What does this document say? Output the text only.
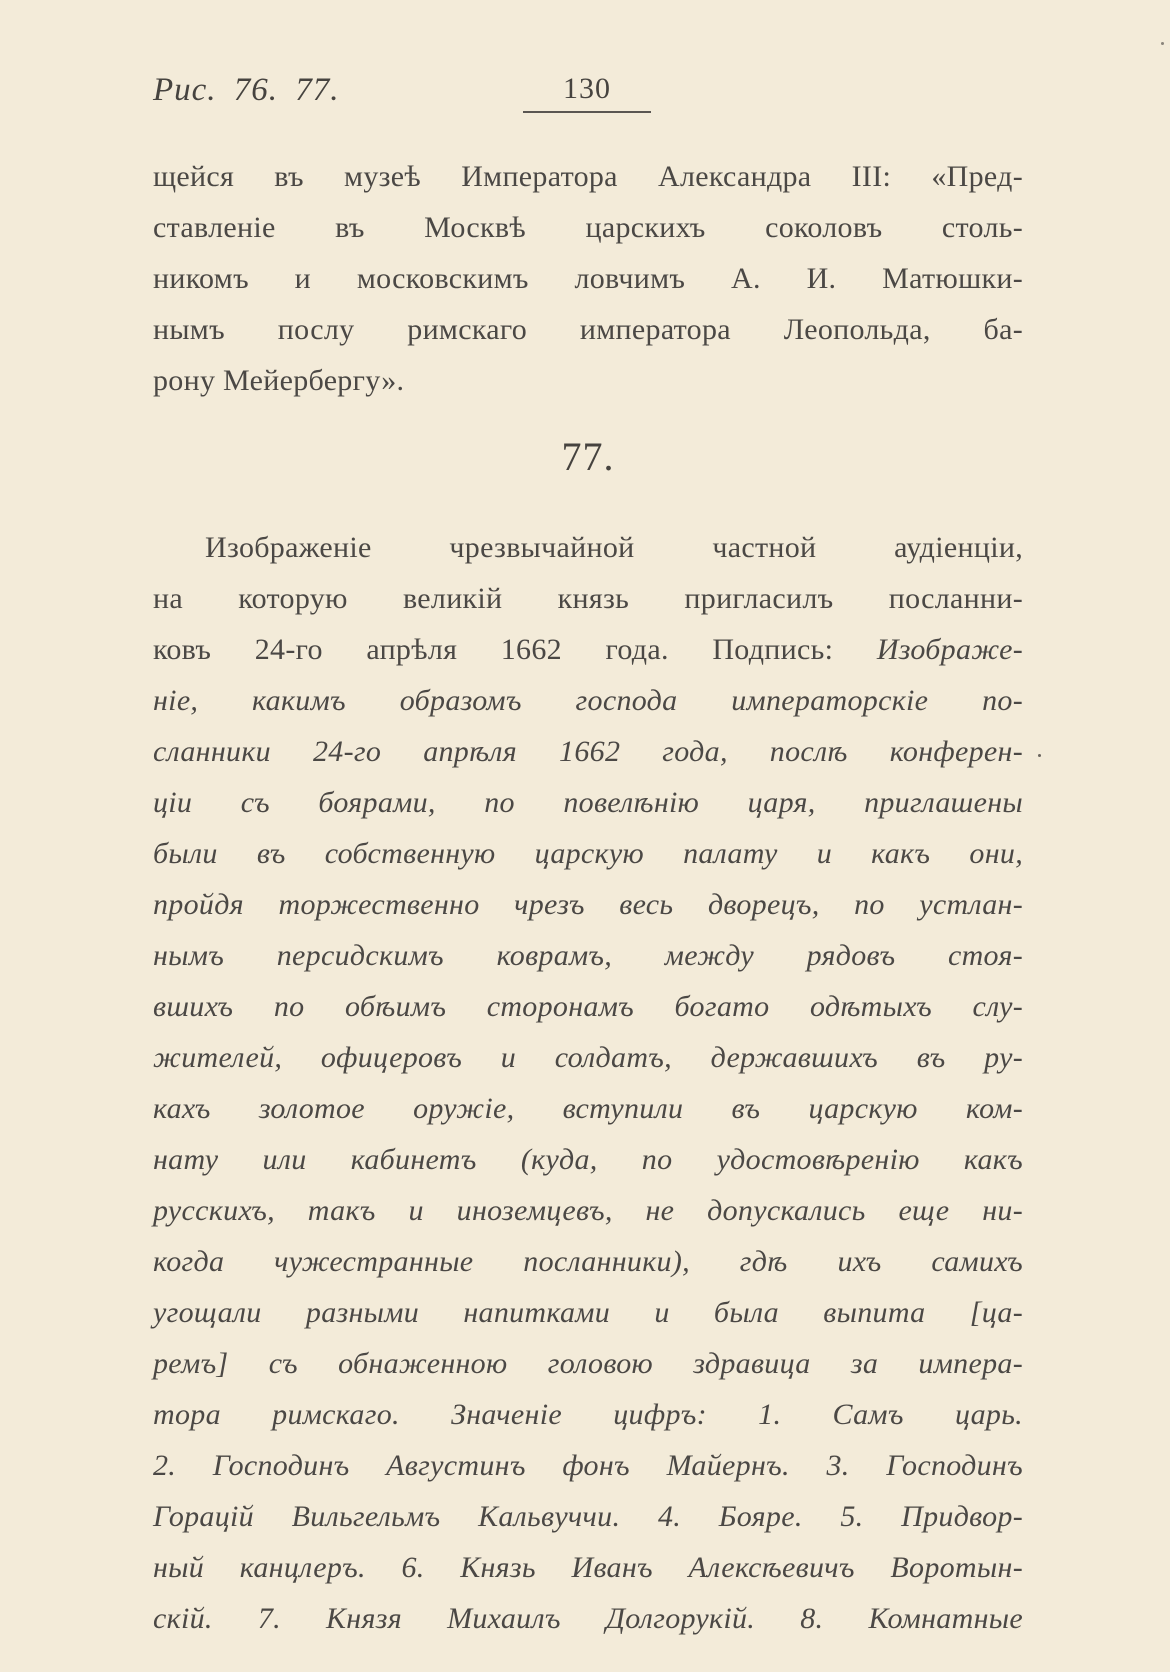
Рис. 76. 77.	130
щейся въ музеѣ Императора Александра III: «Пред-
ставленіе въ Москвѣ царскихъ соколовъ столь-
никомъ и московскимъ ловчимъ А. И. Матюшки-
нымъ послу римскаго императора Леопольда, ба-
рону Мейербергу».
77.
Изображеніе чрезвычайной частной аудіенціи,
на которую великій князь пригласилъ посланни-
ковъ 24-го апрѣля 1662 года. Подпись: Изображе-
ніе, какимъ образомъ господа императорскіе по-
сланники 24-го апрѣля 1662 года, послѣ конферен-
ціи съ боярами, по повелѣнію царя, приглашены
были въ собственную царскую палату и какъ они,
пройдя торжественно чрезъ весь дворецъ, по устлан-
нымъ персидскимъ коврамъ, между рядовъ стоя-
вшихъ по обѣимъ сторонамъ богато одѣтыхъ слу-
жителей, офицеровъ и солдатъ, державшихъ въ ру-
кахъ золотое оружіе, вступили въ царскую ком-
нату или кабинетъ (куда, по удостовѣренію какъ
русскихъ, такъ и иноземцевъ, не допускались еще ни-
когда чужестранные посланники), гдѣ ихъ самихъ
угощали разными напитками и была выпита [ца-
ремъ] съ обнаженною головою здравица за импера-
тора римскаго. Значеніе цифръ: 1. Самъ царь.
2. Господинъ Августинъ фонъ Майернъ. 3. Господинъ
Горацій Вильгельмъ Кальвуччи. 4. Бояре. 5. Придвор-
ный канцлеръ. 6. Князь Иванъ Алексѣевичъ Воротын-
скій. 7. Князя Михаилъ Долгорукій. 8. Комнатные
